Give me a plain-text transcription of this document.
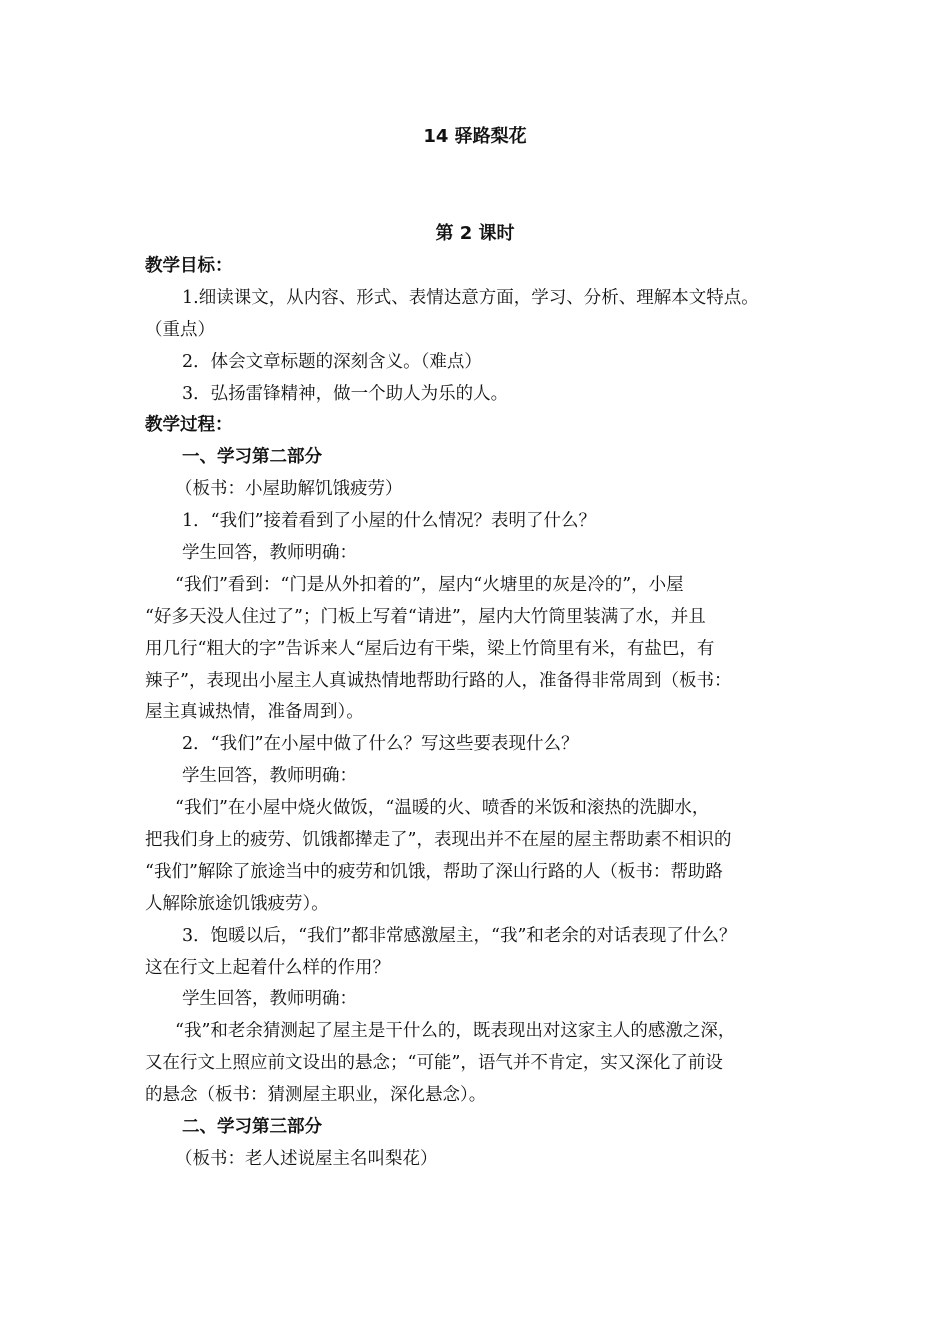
14 驿路梨花
第 2 课时
教学目标：
1.细读课文，从内容、形式、表情达意方面，学习、分析、理解本文特点。
（重点）
2．体会文章标题的深刻含义。（难点）
3．弘扬雷锋精神，做一个助人为乐的人。
教学过程：
一、学习第二部分
（板书：小屋助解饥饿疲劳）
1．“我们”接着看到了小屋的什么情况？表明了什么？
学生回答，教师明确：
“我们”看到：“门是从外扣着的”，屋内“火塘里的灰是冷的”，小屋
“好多天没人住过了”；门板上写着“请进”，屋内大竹筒里装满了水，并且
用几行“粗大的字”告诉来人“屋后边有干柴，梁上竹筒里有米，有盐巴，有
辣子”，表现出小屋主人真诚热情地帮助行路的人，准备得非常周到（板书：
屋主真诚热情，准备周到）。
2．“我们”在小屋中做了什么？写这些要表现什么？
学生回答，教师明确：
“我们”在小屋中烧火做饭，“温暖的火、喷香的米饭和滚热的洗脚水，
把我们身上的疲劳、饥饿都撵走了”，表现出并不在屋的屋主帮助素不相识的
“我们”解除了旅途当中的疲劳和饥饿，帮助了深山行路的人（板书：帮助路
人解除旅途饥饿疲劳）。
3．饱暖以后，“我们”都非常感激屋主，“我”和老余的对话表现了什么？
这在行文上起着什么样的作用？
学生回答，教师明确：
“我”和老余猜测起了屋主是干什么的，既表现出对这家主人的感激之深，
又在行文上照应前文设出的悬念；“可能”，语气并不肯定，实又深化了前设
的悬念（板书：猜测屋主职业，深化悬念）。
二、学习第三部分
（板书：老人述说屋主名叫梨花）
